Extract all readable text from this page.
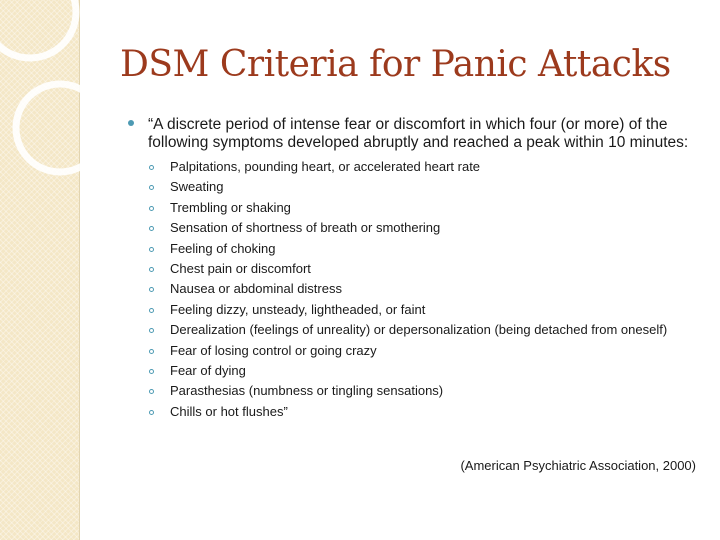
DSM Criteria for Panic Attacks
“A discrete period of intense fear or discomfort in which four (or more) of the following symptoms developed abruptly and reached a peak within 10 minutes:
Palpitations, pounding heart, or accelerated heart rate
Sweating
Trembling or shaking
Sensation of shortness of breath or smothering
Feeling of choking
Chest pain or discomfort
Nausea or abdominal distress
Feeling dizzy, unsteady, lightheaded, or faint
Derealization (feelings of unreality) or depersonalization (being detached from oneself)
Fear of losing control or going crazy
Fear of dying
Parasthesias (numbness or tingling sensations)
Chills or hot flushes”
(American Psychiatric Association, 2000)
